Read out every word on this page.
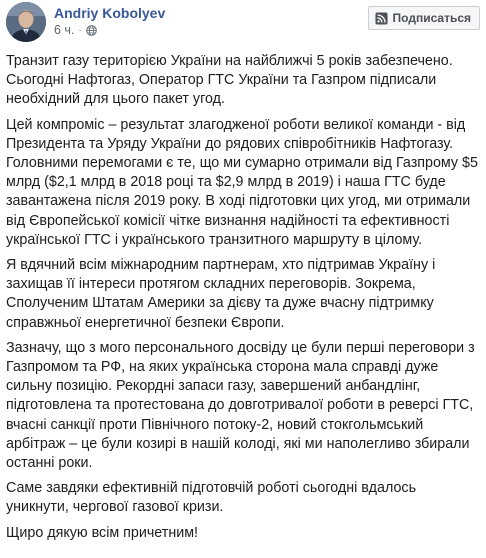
Andriy Kobolyev
6 ч. ·
Подписаться

Транзит газу територією України на найближчі 5 років забезпечено. Сьогодні Нафтогаз, Оператор ГТС України та Газпром підписали необхідний для цього пакет угод.

Цей компроміс – результат злагодженої роботи великої команди - від Президента та Уряду України до рядових співробітників Нафтогазу. Головними перемогами є те, що ми сумарно отримали від Газпрому $5 млрд ($2,1 млрд в 2018 році та $2,9 млрд в 2019) і наша ГТС буде завантажена після 2019 року. В ході підготовки цих угод, ми отримали від Європейської комісії чітке визнання надійності та ефективності української ГТС і українського транзитного маршруту в цілому.

Я вдячний всім міжнародним партнерам, хто підтримав Україну і захищав її інтереси протягом складних переговорів. Зокрема, Сполученим Штатам Америки за дієву та дуже вчасну підтримку справжньої енергетичної безпеки Європи.

Зазначу, що з мого персонального досвіду це були перші переговори з Газпромом та РФ, на яких українська сторона мала справді дуже сильну позицію. Рекордні запаси газу, завершений анбандлінг, підготовлена та протестована до довготривалої роботи в реверсі ГТС, вчасні санкції проти Північного потоку-2, новий стокгольмський арбітраж – це були козирі в нашій колоді, які ми наполегливо збирали останні роки.

Саме завдяки ефективній підготовчій роботі сьогодні вдалось уникнути, чергової газової кризи.

Щиро дякую всім причетним!
